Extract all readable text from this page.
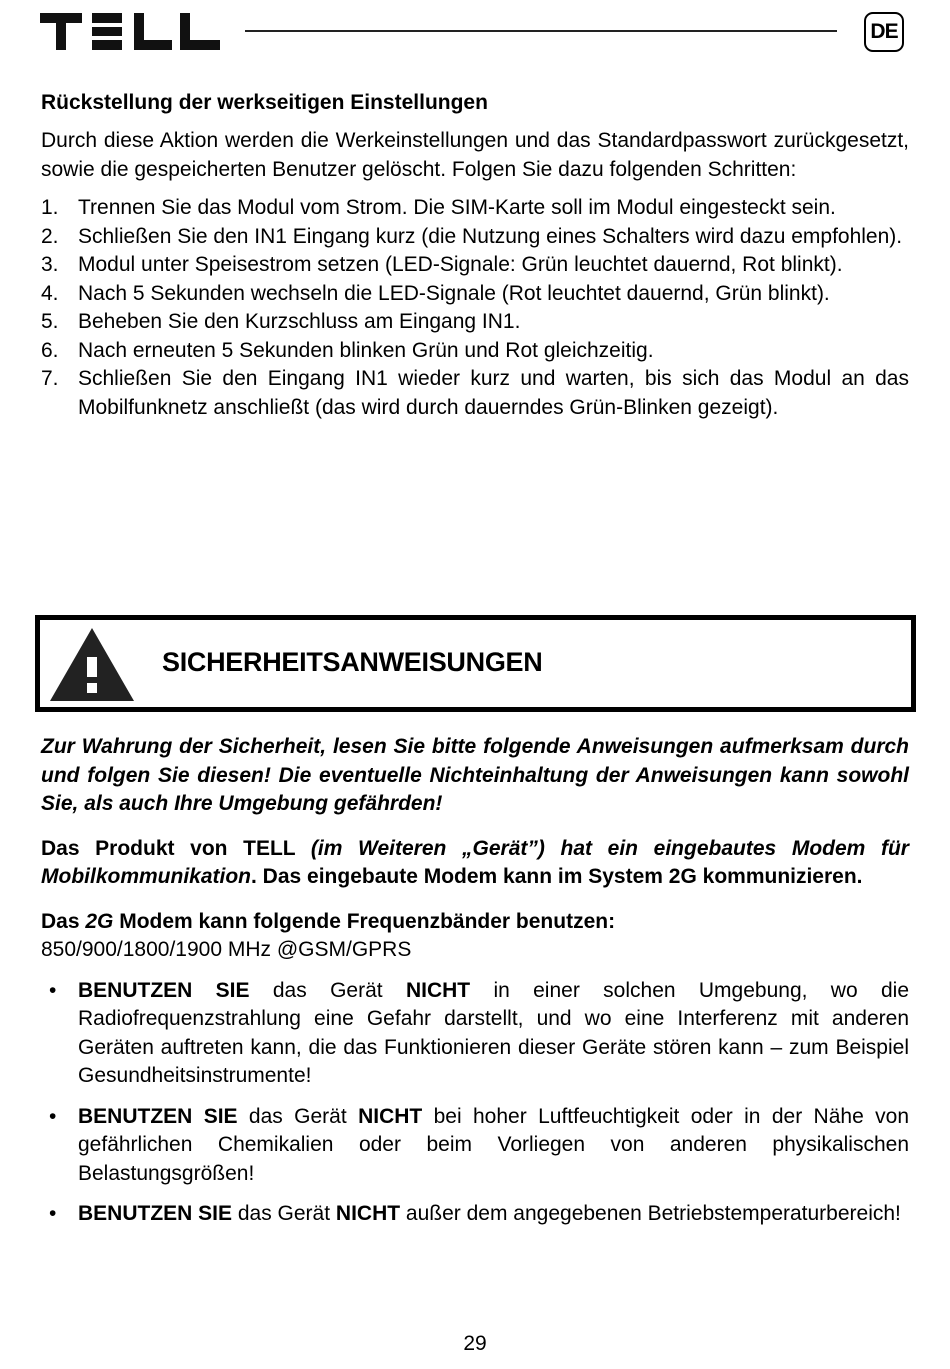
DE
Rückstellung der werkseitigen Einstellungen

Durch diese Aktion werden die Werkeinstellungen und das Standardpasswort zurückgesetzt, sowie die gespeicherten Benutzer gelöscht. Folgen Sie dazu folgenden Schritten:

1. Trennen Sie das Modul vom Strom. Die SIM-Karte soll im Modul eingesteckt sein.
2. Schließen Sie den IN1 Eingang kurz (die Nutzung eines Schalters wird dazu empfohlen).
3. Modul unter Speisestrom setzen (LED-Signale: Grün leuchtet dauernd, Rot blinkt).
4. Nach 5 Sekunden wechseln die LED-Signale (Rot leuchtet dauernd, Grün blinkt).
5. Beheben Sie den Kurzschluss am Eingang IN1.
6. Nach erneuten 5 Sekunden blinken Grün und Rot gleichzeitig.
7. Schließen Sie den Eingang IN1 wieder kurz und warten, bis sich das Modul an das Mobilfunknetz anschließt (das wird durch dauerndes Grün-Blinken gezeigt).
SICHERHEITSANWEISUNGEN

Zur Wahrung der Sicherheit, lesen Sie bitte folgende Anweisungen aufmerksam durch und folgen Sie diesen! Die eventuelle Nichteinhaltung der Anweisungen kann sowohl Sie, als auch Ihre Umgebung gefährden!

Das Produkt von TELL (im Weiteren „Gerät”) hat ein eingebautes Modem für Mobilkommunikation. Das eingebaute Modem kann im System 2G kommunizieren.

Das 2G Modem kann folgende Frequenzbänder benutzen:

850/900/1800/1900 MHz @GSM/GPRS

• BENUTZEN SIE das Gerät NICHT in einer solchen Umgebung, wo die Radiofrequenzstrahlung eine Gefahr darstellt, und wo eine Interferenz mit anderen Geräten auftreten kann, die das Funktionieren dieser Geräte stören kann – zum Beispiel Gesundheitsinstrumente!
• BENUTZEN SIE das Gerät NICHT bei hoher Luftfeuchtigkeit oder in der Nähe von gefährlichen Chemikalien oder beim Vorliegen von anderen physikalischen Belastungsgrößen!
• BENUTZEN SIE das Gerät NICHT außer dem angegebenen Betriebstemperaturbereich!
29
